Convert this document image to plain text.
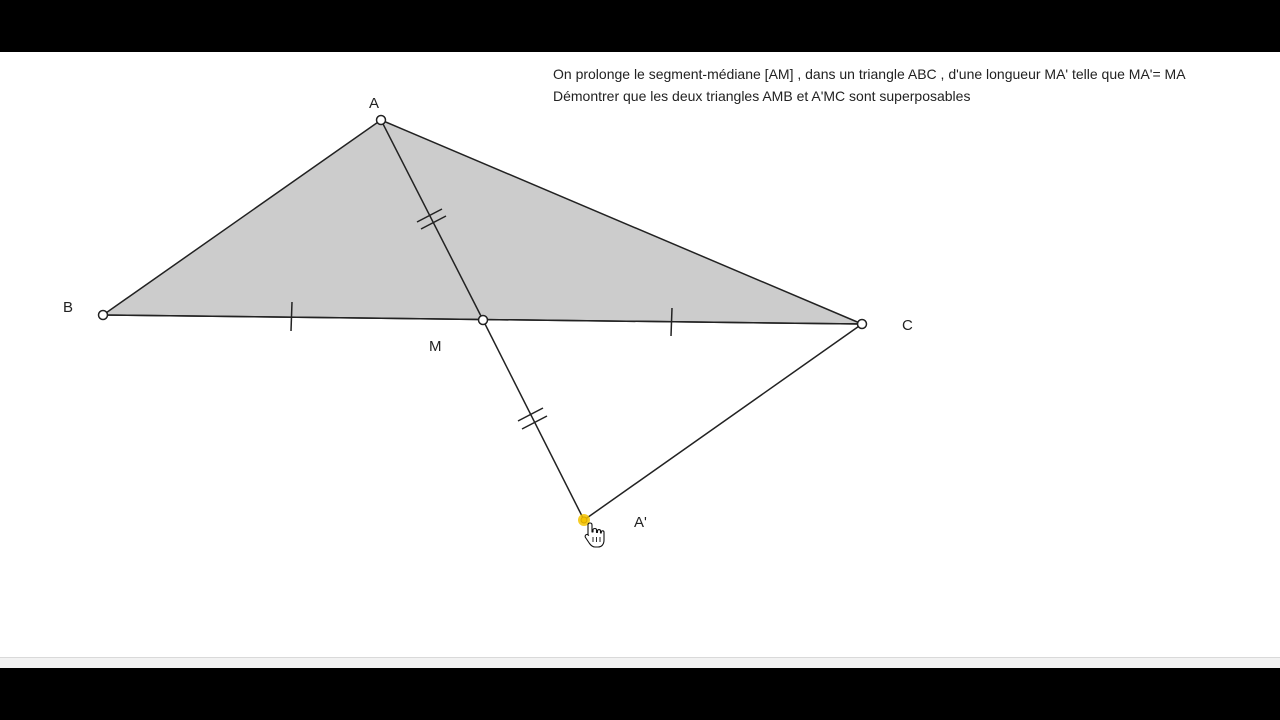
On prolonge le segment-médiane [AM] , dans un triangle ABC , d'une longueur MA' telle que MA'= MA
Démontrer que les deux triangles AMB et A'MC sont superposables
A
B
C
M
A'
